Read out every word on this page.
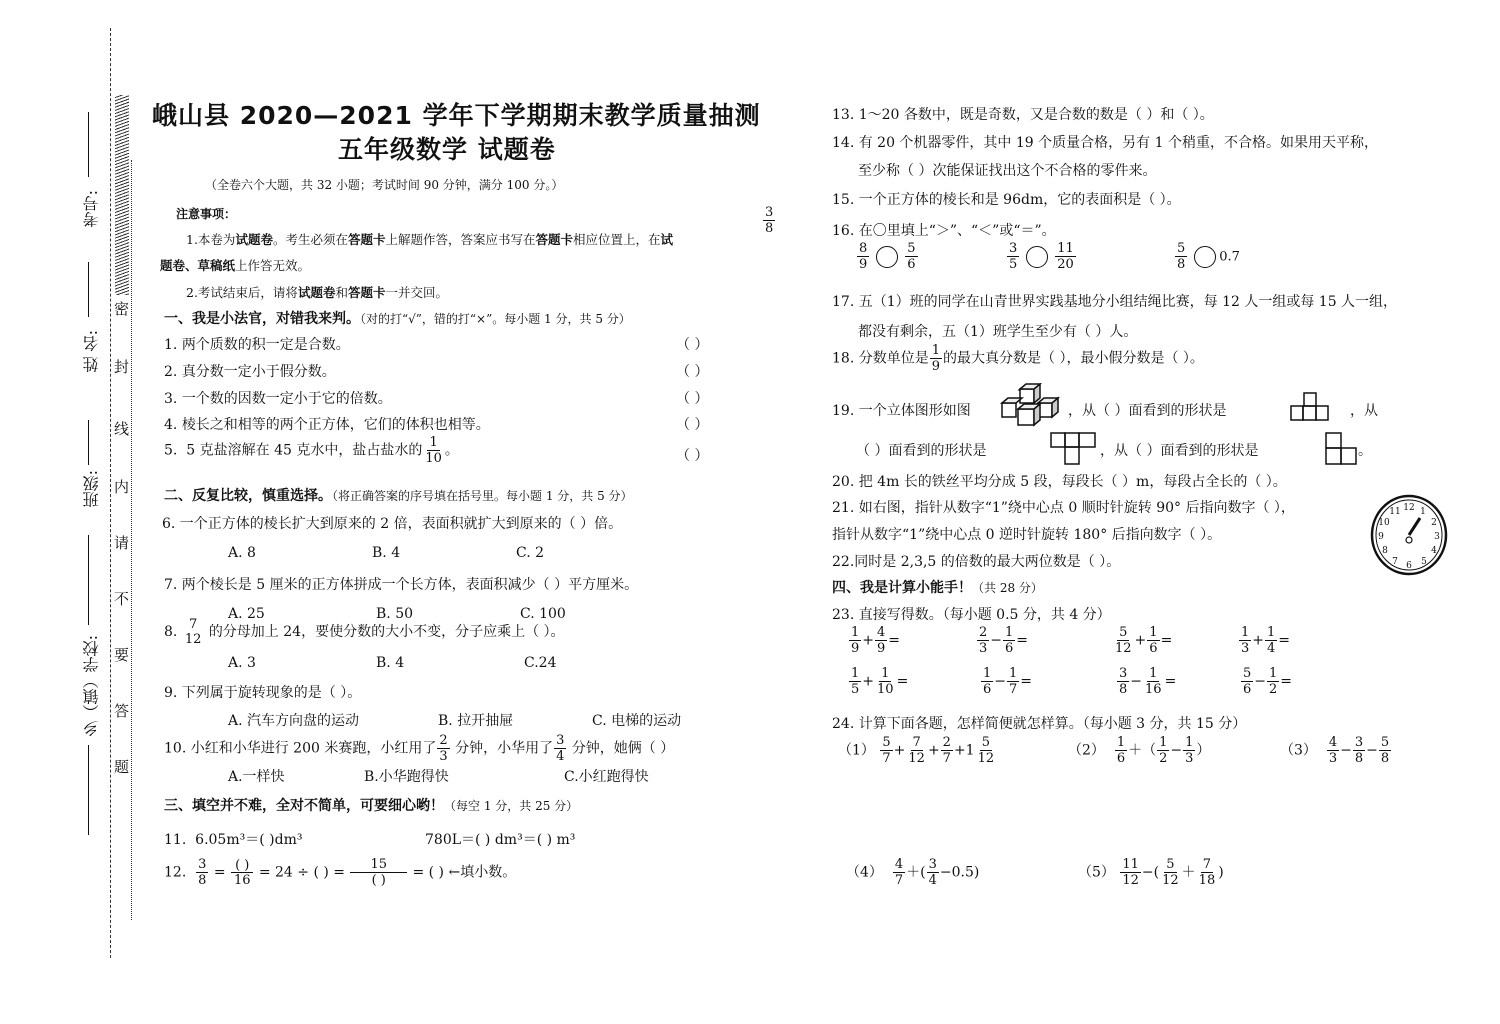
考号:
姓 名:
班级:
乡（镇）学校:
密
封
线
内
请
不
要
答
题
峨山县 2020—2021 学年下学期期末教学质量抽测
五年级数学 试题卷
（全卷六个大题，共 32 小题；考试时间 90 分钟，满分 100 分。）
注意事项：
1.本卷为试题卷。考生必须在答题卡上解题作答，答案应书写在答题卡相应位置上，在试
题卷、草稿纸上作答无效。
2.考试结束后，请将试题卷和答题卡一并交回。
$\frac{3}{8}$
一、我是小法官，对错我来判。（对的打“√”，错的打“×”。每小题 1 分，共 5 分）
1. 两个质数的积一定是合数。	（ ）
2. 真分数一定小于假分数。	（ ）
3. 一个数的因数一定小于它的倍数。	（ ）
4. 棱长之和相等的两个正方体，它们的体积也相等。	（ ）
5. 5 克盐溶解在 45 克水中，盐占盐水的 $\frac{1}{10}$ 。	（ ）
二、反复比较，慎重选择。（将正确答案的序号填在括号里。每小题 1 分，共 5 分）
6. 一个正方体的棱长扩大到原来的 2 倍，表面积就扩大到原来的（ ）倍。
A. 8	B. 4	C. 2
7. 两个棱长是 5 厘米的正方体拼成一个长方体，表面积减少（ ）平方厘米。
A. 25	B. 50	C. 100
8. 7
12 的分母加上 24，要使分数的大小不变，分子应乘上（ ）。
A. 3	B. 4	C.24
9. 下列属于旋转现象的是（ ）。
A. 汽车方向盘的运动	B. 拉开抽屉	C. 电梯的运动
10. 小红和小华进行 200 米赛跑，小红用了 $\frac{2}{3}$ 分钟，小华用了 $\frac{3}{4}$ 分钟，她俩（ ）
A.一样快	B.小华跑得快	C.小红跑得快
三、填空并不难，全对不简单，可要细心哟！（每空 1 分，共 25 分）
11. 6.05m³＝( )dm³	780L＝( ) dm³＝( ) m³
12. $\frac{3}{8} = \frac{( )}{16} = 24$ ÷ ( ) = $\frac{15}{( )}$ = ( ) ←填小数。
13. 1～20 各数中，既是奇数，又是合数的数是（ ）和（ ）。
14. 有 20 个机器零件，其中 19 个质量合格，另有 1 个稍重，不合格。如果用天平称，
至少称（ ）次能保证找出这个不合格的零件来。
15. 一个正方体的棱长和是 96dm，它的表面积是（ ）。
16. 在〇里填上“＞”、“＜”或“＝”。
$\frac{8}{9}$	$\frac{5}{6}$	$\frac{3}{5}$	$\frac{11}{20}$	$\frac{5}{8} 0.7$
17. 五（1）班的同学在山青世界实践基地分小组结绳比赛，每 12 人一组或每 15 人一组，
都没有剩余，五（1）班学生至少有（ ）人。
18. 分数单位是 $\frac{1}{9}$ 的最大真分数是（ ），最小假分数是（ ）。
19. 一个立体图形如图	，从（ ）面看到的形状是	，从
（ ）面看到的形状是	，从（ ）面看到的形状是	。
20. 把 4m 长的铁丝平均分成 5 段，每段长（ ）m，每段占全长的（ ）。
21. 如右图，指针从数字“1”绕中心点 0 顺时针旋转 90° 后指向数字（ ），
指针从数字“1”绕中心点 0 逆时针旋转 180° 后指向数字（ ）。
12 1
2
3
4
5
6
7
8
9
10
11
22.同时是 2,3,5 的倍数的最大两位数是（ ）。
四、我是计算小能手！（共 28 分）
23. 直接写得数。（每小题 0.5 分，共 4 分）
$\frac{1}{9} + \frac{4}{9}$ =	$\frac{2}{3} - \frac{1}{6}$ =	$\frac{5}{12} + \frac{1}{6}$ =	$\frac{1}{3} + \frac{1}{4}$ =
$\frac{1}{5} + \frac{1}{10}$ =	$\frac{1}{6} - \frac{1}{7}$ =	$\frac{3}{8} - \frac{1}{16}$ =	$\frac{5}{6} - \frac{1}{2}$ =
24. 计算下面各题，怎样简便就怎样算。（每小题 3 分，共 15 分）
$(1) \frac{5}{7} + \frac{7}{12} + \frac{2}{7} +1 \frac{5}{12}$	$(2) \frac{1}{6}$ ＋（ $\frac{1}{2} - \frac{1}{3}$ ）	$(3) \frac{4}{3} - \frac{3}{8} - \frac{5}{8}$
$(4) \frac{4}{7}$ ＋( $\frac{3}{4} -0.5$)	$(5) \frac{11}{12}$ −( $\frac{5}{12} + \frac{7}{18}$ )
